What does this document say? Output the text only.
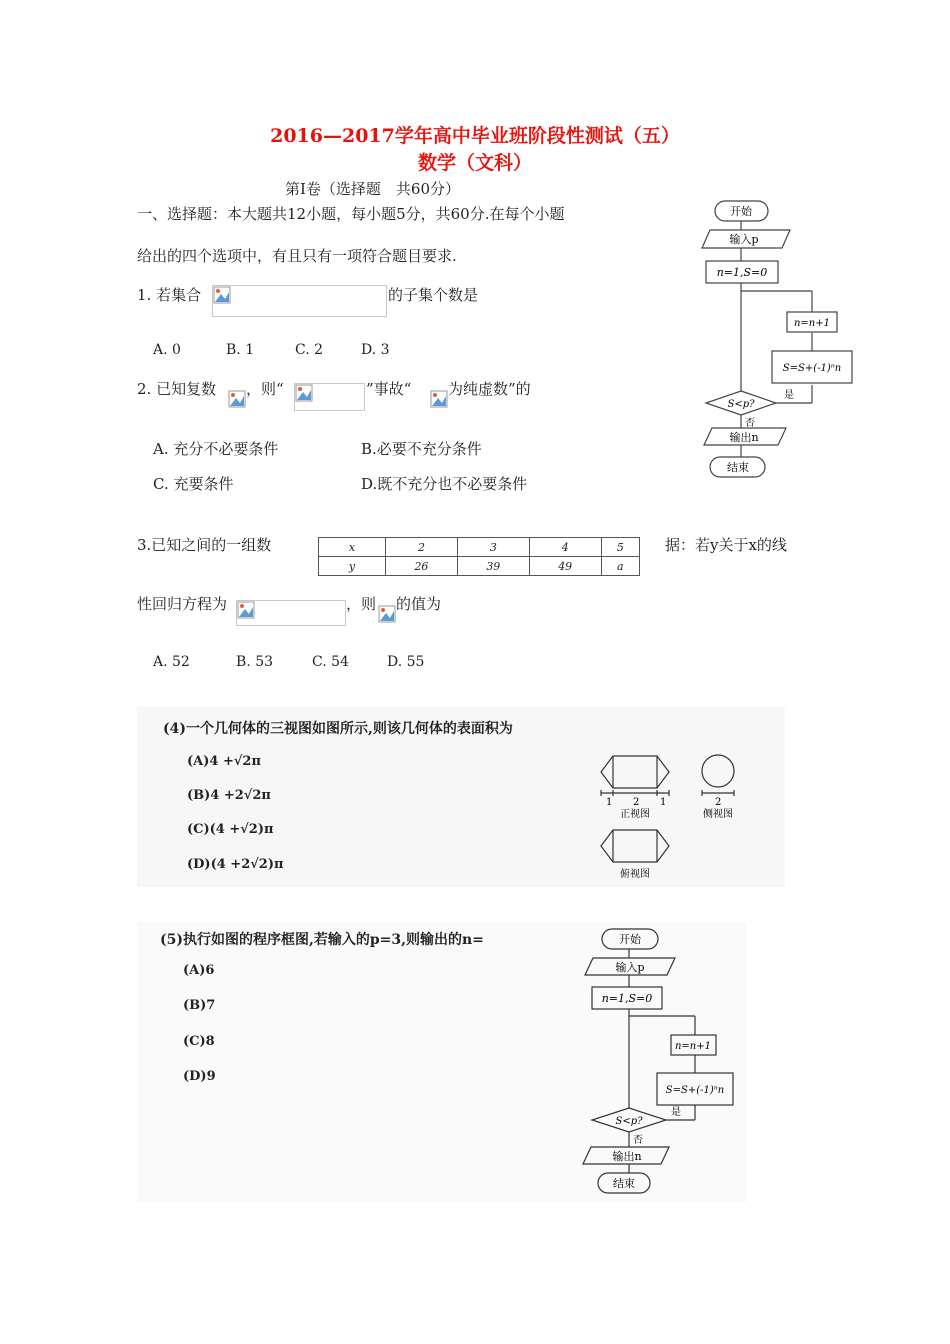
2016—2017学年高中毕业班阶段性测试（五）
数学（文科）
第Ⅰ卷（选择题　共60分）
一、选择题：本大题共12小题，每小题5分，共60分.在每个小题
给出的四个选项中，有且只有一项符合题目要求.
1. 若集合	的子集个数是
A. 0	B. 1	C. 2	D. 3
2. 已知复数 ，则“	”事故“ 为纯虚数”的
A. 充分不必要条件	B.必要不充分条件
C. 充要条件	D.既不充分也不必要条件
3.已知之间的一组数	x	2	3	4	5
y	26	39	49	a
据：若y关于x的线
性回归方程为	，则 的值为
A. 52	B. 53	C. 54	D. 55
开始
输入p
n=1,S=0
n=n+1
S=S+(-1)ⁿn
S<p?
是
否
输出n
结束
(4)一个几何体的三视图如图所示,则该几何体的表面积为
(A)4 +√2π
(B)4 +2√2π
(C)(4 +√2)π
(D)(4 +2√2)π
1 2 1	2
正视图	侧视图
俯视图
(5)执行如图的程序框图,若输入的p=3,则输出的n=
(A)6
(B)7
(C)8
(D)9
开始
输入p
n=1,S=0
n=n+1
S=S+(-1)ⁿn
S<p?
是
否
输出n
结束
